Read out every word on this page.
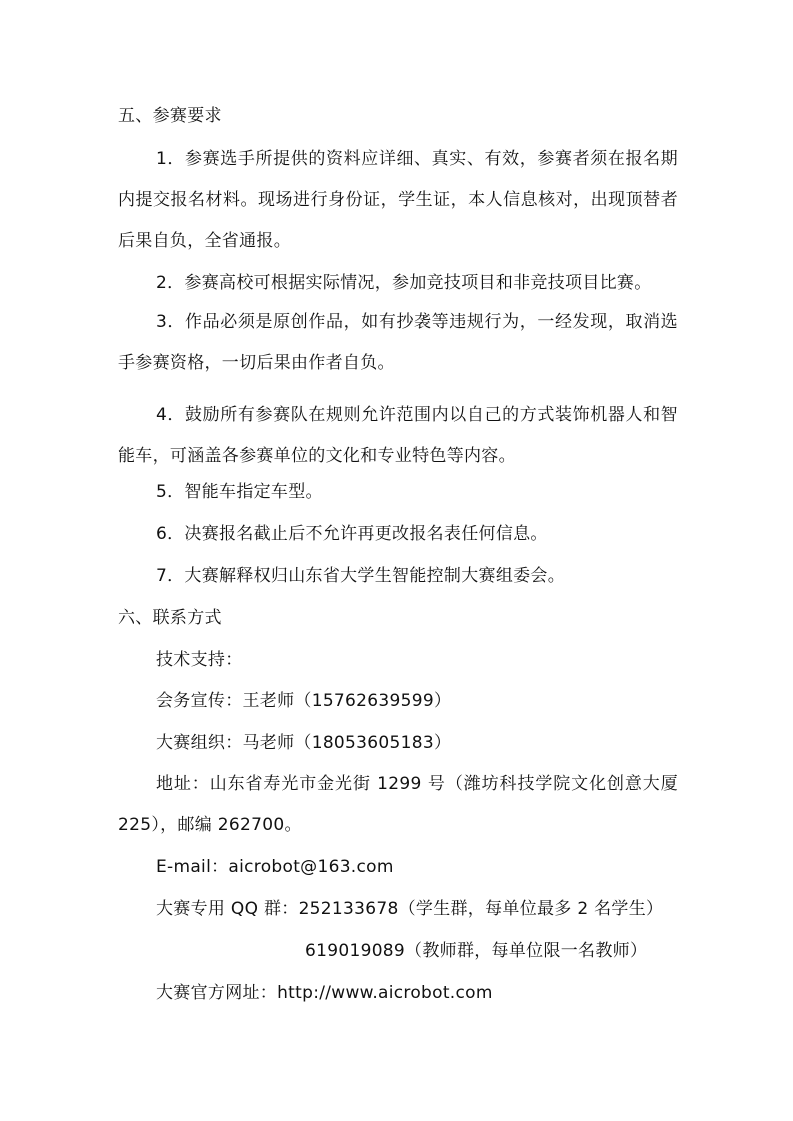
五、参赛要求

1．参赛选手所提供的资料应详细、真实、有效，参赛者须在报名期内提交报名材料。现场进行身份证，学生证，本人信息核对，出现顶替者后果自负，全省通报。

2．参赛高校可根据实际情况，参加竞技项目和非竞技项目比赛。

3．作品必须是原创作品，如有抄袭等违规行为，一经发现，取消选手参赛资格，一切后果由作者自负。

4．鼓励所有参赛队在规则允许范围内以自己的方式装饰机器人和智能车，可涵盖各参赛单位的文化和专业特色等内容。

5．智能车指定车型。

6．决赛报名截止后不允许再更改报名表任何信息。

7．大赛解释权归山东省大学生智能控制大赛组委会。

六、联系方式

技术支持：

会务宣传：王老师（15762639599）

大赛组织：马老师（18053605183）

地址：山东省寿光市金光街 1299 号（潍坊科技学院文化创意大厦 225），邮编 262700。

E-mail：aicrobot@163.com

大赛专用 QQ 群：252133678（学生群，每单位最多 2 名学生）

619019089（教师群，每单位限一名教师）

大赛官方网址：http://www.aicrobot.com
